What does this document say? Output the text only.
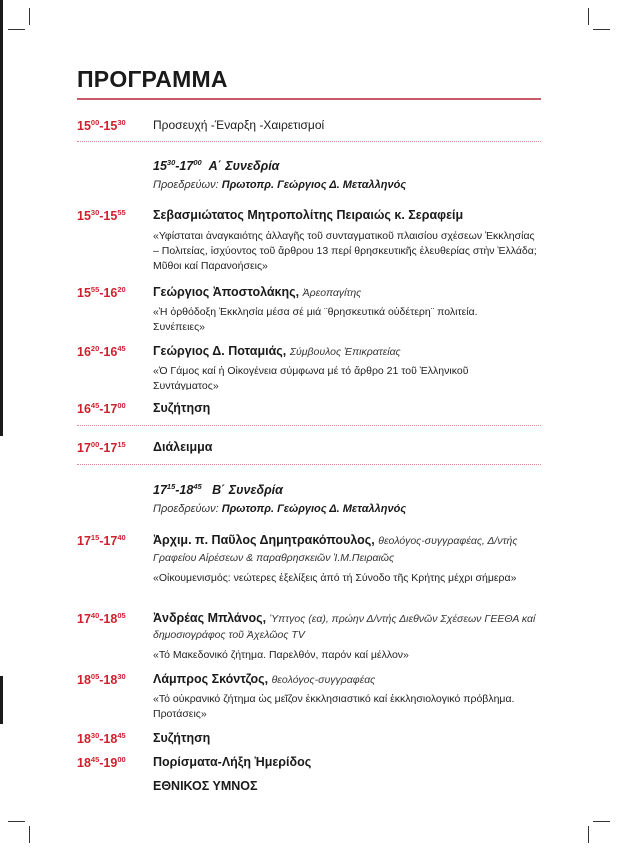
ΠΡΟΓΡΑΜΜΑ
$15^{00}-15^{30}$ Προσευχή -Έναρξη -Χαιρετισμοί
$15^{30}-17^{00}$ Α΄ Συνεδρία
Προεδρεύων: Πρωτοπρ. Γεώργιος Δ. Μεταλληνός
$15^{30}-15^{55}$ Σεβασμιώτατος Μητροπολίτης Πειραιώς κ. Σεραφείμ
«Υφίσταται ἀναγκαιότης ἀλλαγῆς τοῦ συνταγματικοῦ πλαισίου σχέσεων Ἐκκλησίας – Πολιτείας, ἰσχύοντος τοῦ ἄρθρου 13 περί θρησκευτικῆς ἐλευθερίας στὴν Ἑλλάδα; Μῦθοι καί Παρανοήσεις»
$15^{55}-16^{20}$ Γεώργιος Ἀποστολάκης, Ἀρεοπαγίτης
«Ἡ ὀρθόδοξη Ἐκκλησία μέσα σέ μιά ¨θρησκευτικά οὐδέτερη¨ πολιτεία. Συνέπειες»
$16^{20}-16^{45}$ Γεώργιος Δ. Ποταμιάς, Σύμβουλος Ἐπικρατείας
«Ὁ Γάμος καί ἡ Οἰκογένεια σύμφωνα μέ τό ἄρθρο 21 τοῦ Ἑλληνικοῦ Συντάγματος»
$16^{45}-17^{00}$ Συζήτηση
$17^{00}-17^{15}$ Διάλειμμα
$17^{15}-18^{45}$ Β΄ Συνεδρία
Προεδρεύων: Πρωτοπρ. Γεώργιος Δ. Μεταλληνός
$17^{15}-17^{40}$ Ἀρχιμ. π. Παῦλος Δημητρακόπουλος, θεολόγος-συγγραφέας, Δ/ντής
Γραφείου Αἱρέσεων & παραθρησκειῶν Ἱ.Μ.Πειραιῶς
«Οἰκουμενισμός: νεώτερες ἐξελίξεις ἀπό τή Σύνοδο τῆς Κρήτης μέχρι σήμερα»
$17^{40}-18^{05}$ Ἀνδρέας Μπλάνος, Ὑπτγος (εα), πρώην Δ/ντής Διεθνῶν Σχέσεων ΓΕΕΘΑ καί
δημοσιογράφος τοῦ Ἀχελῶος TV
«Τό Μακεδονικό ζήτημα. Παρελθόν, παρόν καί μέλλον»
$18^{05}-18^{30}$ Λάμπρος Σκόντζος, θεολόγος-συγγραφέας
«Τό οὐκρανικό ζήτημα ὡς μεῖζον ἐκκλησιαστικό καί ἐκκλησιολογικό πρόβλημα. Προτάσεις»
$18^{30}-18^{45}$ Συζήτηση
$18^{45}-19^{00}$ Πορίσματα-Λήξη Ἡμερίδος
ΕΘΝΙΚΟΣ ΥΜΝΟΣ
